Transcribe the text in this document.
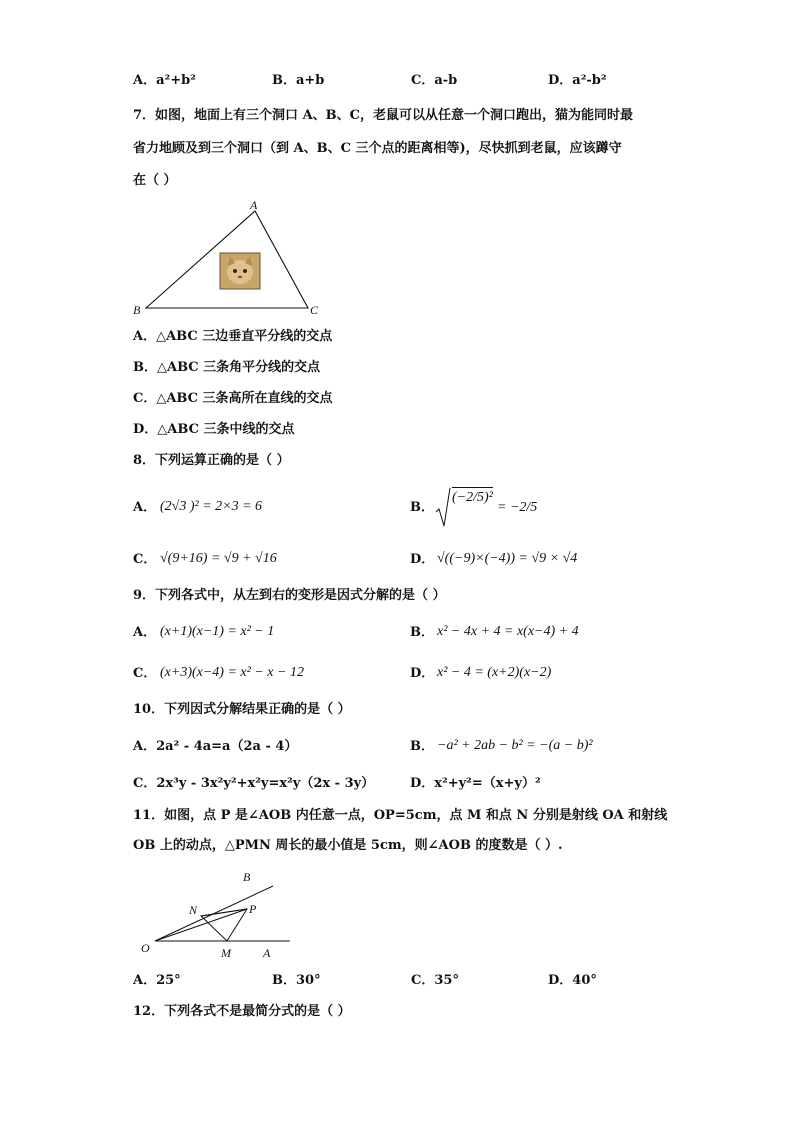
A．a²+b²	B．a+b	C．a-b	D．a²-b²
7．如图，地面上有三个洞口 A、B、C，老鼠可以从任意一个洞口跑出，猫为能同时最
省力地顾及到三个洞口（到 A、B、C 三个点的距离相等)，尽快抓到老鼠，应该蹲守
在（ ）
A
B	C
A．△ABC 三边垂直平分线的交点
B．△ABC 三条角平分线的交点
C．△ABC 三条高所在直线的交点
D．△ABC 三条中线的交点
8．下列运算正确的是（ ）
A． (2√3 )² = 2×3 = 6	B．
(−2/5)²
= −2/5
C． √(9+16) = √9 + √16	D． √((−9)×(−4)) = √9 × √4
9．下列各式中，从左到右的变形是因式分解的是（ ）
A． (x+1)(x−1) = x² − 1	B． x² − 4x + 4 = x(x−4) + 4
C． (x+3)(x−4) = x² − x − 12	D． x² − 4 = (x+2)(x−2)
10．下列因式分解结果正确的是（ ）
A．2a² - 4a=a（2a - 4）	B． −a² + 2ab − b² = −(a − b)²
C．2x³y - 3x²y²+x²y=x²y（2x - 3y）	D．x²+y²=（x+y）²
11．如图，点 P 是∠AOB 内任意一点，OP=5cm，点 M 和点 N 分别是射线 OA 和射线
OB 上的动点，△PMN 周长的最小值是 5cm，则∠AOB 的度数是（ ）.
B
N	P
O	M	A
A．25°	B．30°	C．35°	D．40°
12．下列各式不是最简分式的是（ ）
